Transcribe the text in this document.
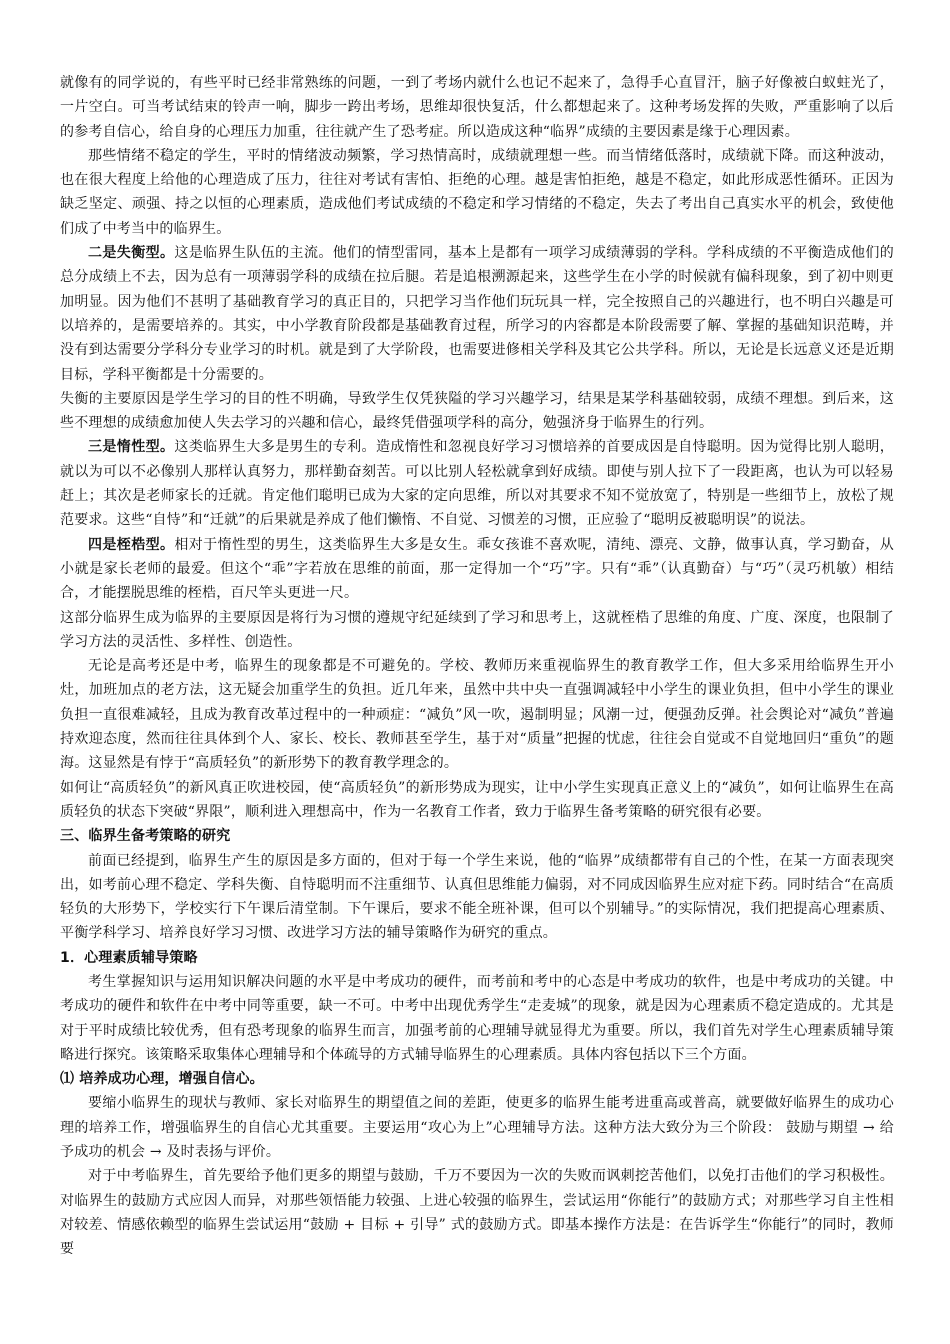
就像有的同学说的，有些平时已经非常熟练的问题，一到了考场内就什么也记不起来了，急得手心直冒汗，脑子好像被白蚁蛀光了，一片空白。可当考试结束的铃声一响，脚步一跨出考场，思维却很快复活，什么都想起来了。这种考场发挥的失败，严重影响了以后的参考自信心，给自身的心理压力加重，往往就产生了恐考症。所以造成这种“临界”成绩的主要因素是缘于心理因素。

那些情绪不稳定的学生，平时的情绪波动频繁，学习热情高时，成绩就理想一些。而当情绪低落时，成绩就下降。而这种波动，也在很大程度上给他的心理造成了压力，往往对考试有害怕、拒绝的心理。越是害怕拒绝，越是不稳定，如此形成恶性循环。正因为缺乏坚定、顽强、持之以恒的心理素质，造成他们考试成绩的不稳定和学习情绪的不稳定，失去了考出自己真实水平的机会，致使他们成了中考当中的临界生。

二是失衡型。这是临界生队伍的主流。他们的情型雷同，基本上是都有一项学习成绩薄弱的学科。学科成绩的不平衡造成他们的总分成绩上不去，因为总有一项薄弱学科的成绩在拉后腿。若是追根溯源起来，这些学生在小学的时候就有偏科现象，到了初中则更加明显。因为他们不甚明了基础教育学习的真正目的，只把学习当作他们玩玩具一样，完全按照自己的兴趣进行，也不明白兴趣是可以培养的，是需要培养的。其实，中小学教育阶段都是基础教育过程，所学习的内容都是本阶段需要了解、掌握的基础知识范畴，并没有到达需要分学科分专业学习的时机。就是到了大学阶段，也需要进修相关学科及其它公共学科。所以，无论是长远意义还是近期目标，学科平衡都是十分需要的。

失衡的主要原因是学生学习的目的性不明确，导致学生仅凭狭隘的学习兴趣学习，结果是某学科基础较弱，成绩不理想。到后来，这些不理想的成绩愈加使人失去学习的兴趣和信心，最终凭借强项学科的高分，勉强济身于临界生的行列。

三是惰性型。这类临界生大多是男生的专利。造成惰性和忽视良好学习习惯培养的首要成因是自恃聪明。因为觉得比别人聪明，就以为可以不必像别人那样认真努力，那样勤奋刻苦。可以比别人轻松就拿到好成绩。即使与别人拉下了一段距离，也认为可以轻易赶上；其次是老师家长的迁就。肯定他们聪明已成为大家的定向思维，所以对其要求不知不觉放宽了，特别是一些细节上，放松了规范要求。这些“自恃”和“迁就”的后果就是养成了他们懒惰、不自觉、习惯差的习惯，正应验了“聪明反被聪明误”的说法。

四是桎梏型。相对于惰性型的男生，这类临界生大多是女生。乖女孩谁不喜欢呢，清纯、漂亮、文静，做事认真，学习勤奋，从小就是家长老师的最爱。但这个“乖”字若放在思维的前面，那一定得加一个“巧”字。只有“乖”（认真勤奋）与“巧”（灵巧机敏）相结合，才能摆脱思维的桎梏，百尺竿头更进一尺。

这部分临界生成为临界的主要原因是将行为习惯的遵规守纪延续到了学习和思考上，这就桎梏了思维的角度、广度、深度，也限制了学习方法的灵活性、多样性、创造性。

无论是高考还是中考，临界生的现象都是不可避免的。学校、教师历来重视临界生的教育教学工作，但大多采用给临界生开小灶，加班加点的老方法，这无疑会加重学生的负担。近几年来，虽然中共中央一直强调减轻中小学生的课业负担，但中小学生的课业负担一直很难减轻，且成为教育改革过程中的一种顽症：“减负”风一吹，遏制明显；风潮一过，便强劲反弹。社会舆论对“减负”普遍持欢迎态度，然而往往具体到个人、家长、校长、教师甚至学生，基于对“质量”把握的忧虑，往往会自觉或不自觉地回归“重负”的题海。这显然是有悖于“高质轻负”的新形势下的教育教学理念的。

如何让“高质轻负”的新风真正吹进校园，使“高质轻负”的新形势成为现实，让中小学生实现真正意义上的“减负”，如何让临界生在高质轻负的状态下突破“界限”，顺利进入理想高中，作为一名教育工作者，致力于临界生备考策略的研究很有必要。

三、临界生备考策略的研究

前面已经提到，临界生产生的原因是多方面的，但对于每一个学生来说，他的“临界”成绩都带有自己的个性，在某一方面表现突出，如考前心理不稳定、学科失衡、自恃聪明而不注重细节、认真但思维能力偏弱，对不同成因临界生应对症下药。同时结合“在高质轻负的大形势下，学校实行下午课后清堂制。下午课后，要求不能全班补课，但可以个别辅导。”的实际情况，我们把提高心理素质、平衡学科学习、培养良好学习习惯、改进学习方法的辅导策略作为研究的重点。

1．心理素质辅导策略

考生掌握知识与运用知识解决问题的水平是中考成功的硬件，而考前和考中的心态是中考成功的软件，也是中考成功的关键。中考成功的硬件和软件在中考中同等重要，缺一不可。中考中出现优秀学生“走麦城”的现象，就是因为心理素质不稳定造成的。尤其是对于平时成绩比较优秀，但有恐考现象的临界生而言，加强考前的心理辅导就显得尤为重要。所以，我们首先对学生心理素质辅导策略进行探究。该策略采取集体心理辅导和个体疏导的方式辅导临界生的心理素质。具体内容包括以下三个方面。

⑴ 培养成功心理，增强自信心。

要缩小临界生的现状与教师、家长对临界生的期望值之间的差距，使更多的临界生能考进重高或普高，就要做好临界生的成功心理的培养工作，增强临界生的自信心尤其重要。主要运用“攻心为上”心理辅导方法。这种方法大致分为三个阶段： 鼓励与期望 → 给予成功的机会 → 及时表扬与评价。

对于中考临界生，首先要给予他们更多的期望与鼓励，千万不要因为一次的失败而讽刺挖苦他们，以免打击他们的学习积极性。对临界生的鼓励方式应因人而异，对那些领悟能力较强、上进心较强的临界生，尝试运用“你能行”的鼓励方式；对那些学习自主性相对较差、情感依赖型的临界生尝试运用“鼓励 + 目标 + 引导” 式的鼓励方式。即基本操作方法是：在告诉学生“你能行”的同时，教师要
